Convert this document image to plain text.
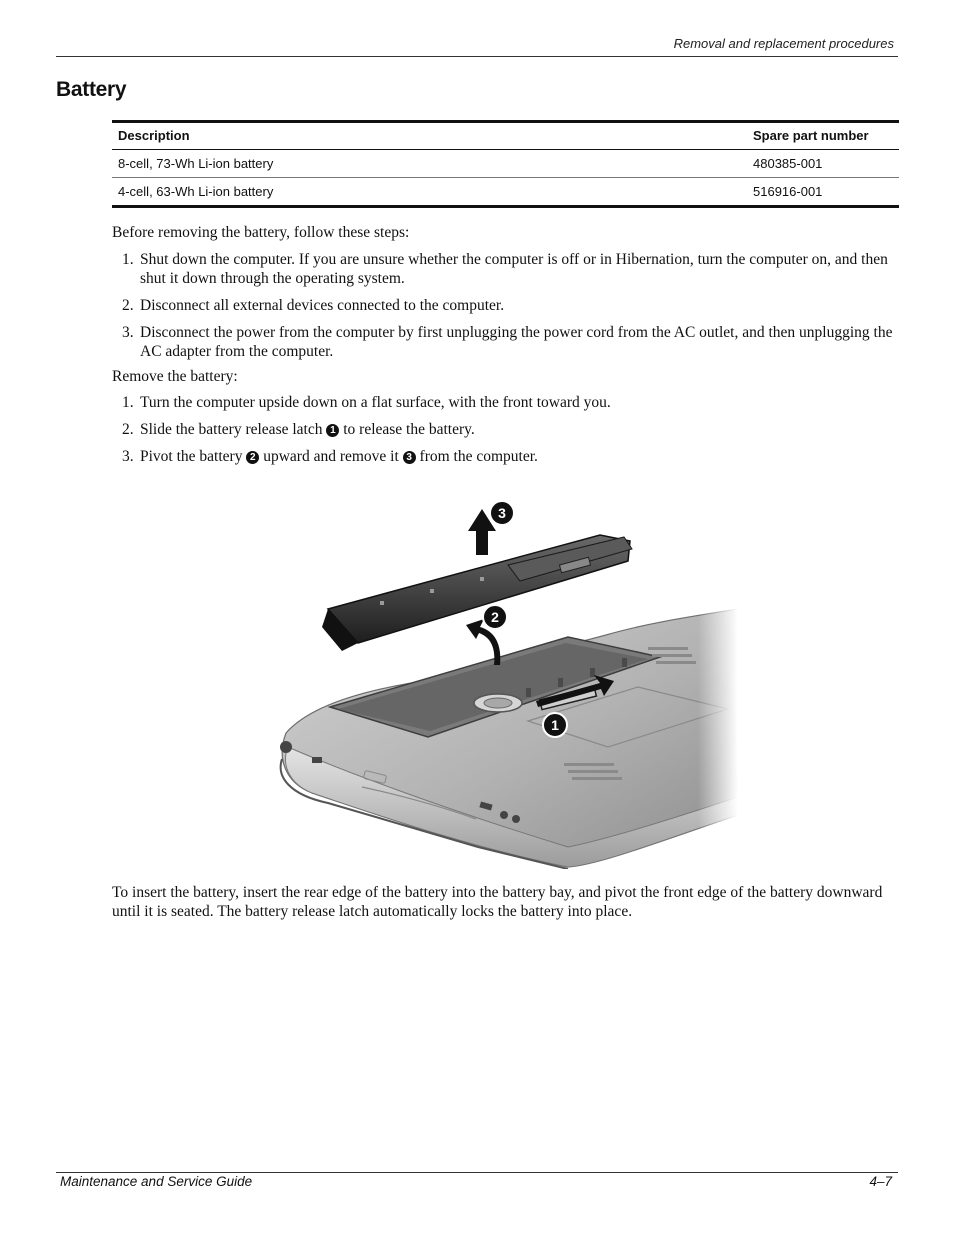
Removal and replacement procedures
Battery
Description	Spare part number
8-cell, 73-Wh Li-ion battery	480385-001
4-cell, 63-Wh Li-ion battery	516916-001

Before removing the battery, follow these steps:

1. Shut down the computer. If you are unsure whether the computer is off or in Hibernation, turn the computer on, and then shut it down through the operating system.
2. Disconnect all external devices connected to the computer.
3. Disconnect the power from the computer by first unplugging the power cord from the AC outlet, and then unplugging the AC adapter from the computer.

Remove the battery:

1. Turn the computer upside down on a flat surface, with the front toward you.
2. Slide the battery release latch 1 to release the battery.
3. Pivot the battery 2 upward and remove it 3 from the computer.
1
2
3

To insert the battery, insert the rear edge of the battery into the battery bay, and pivot the front edge of the battery downward until it is seated. The battery release latch automatically locks the battery into place.

Maintenance and Service Guide	4–7
